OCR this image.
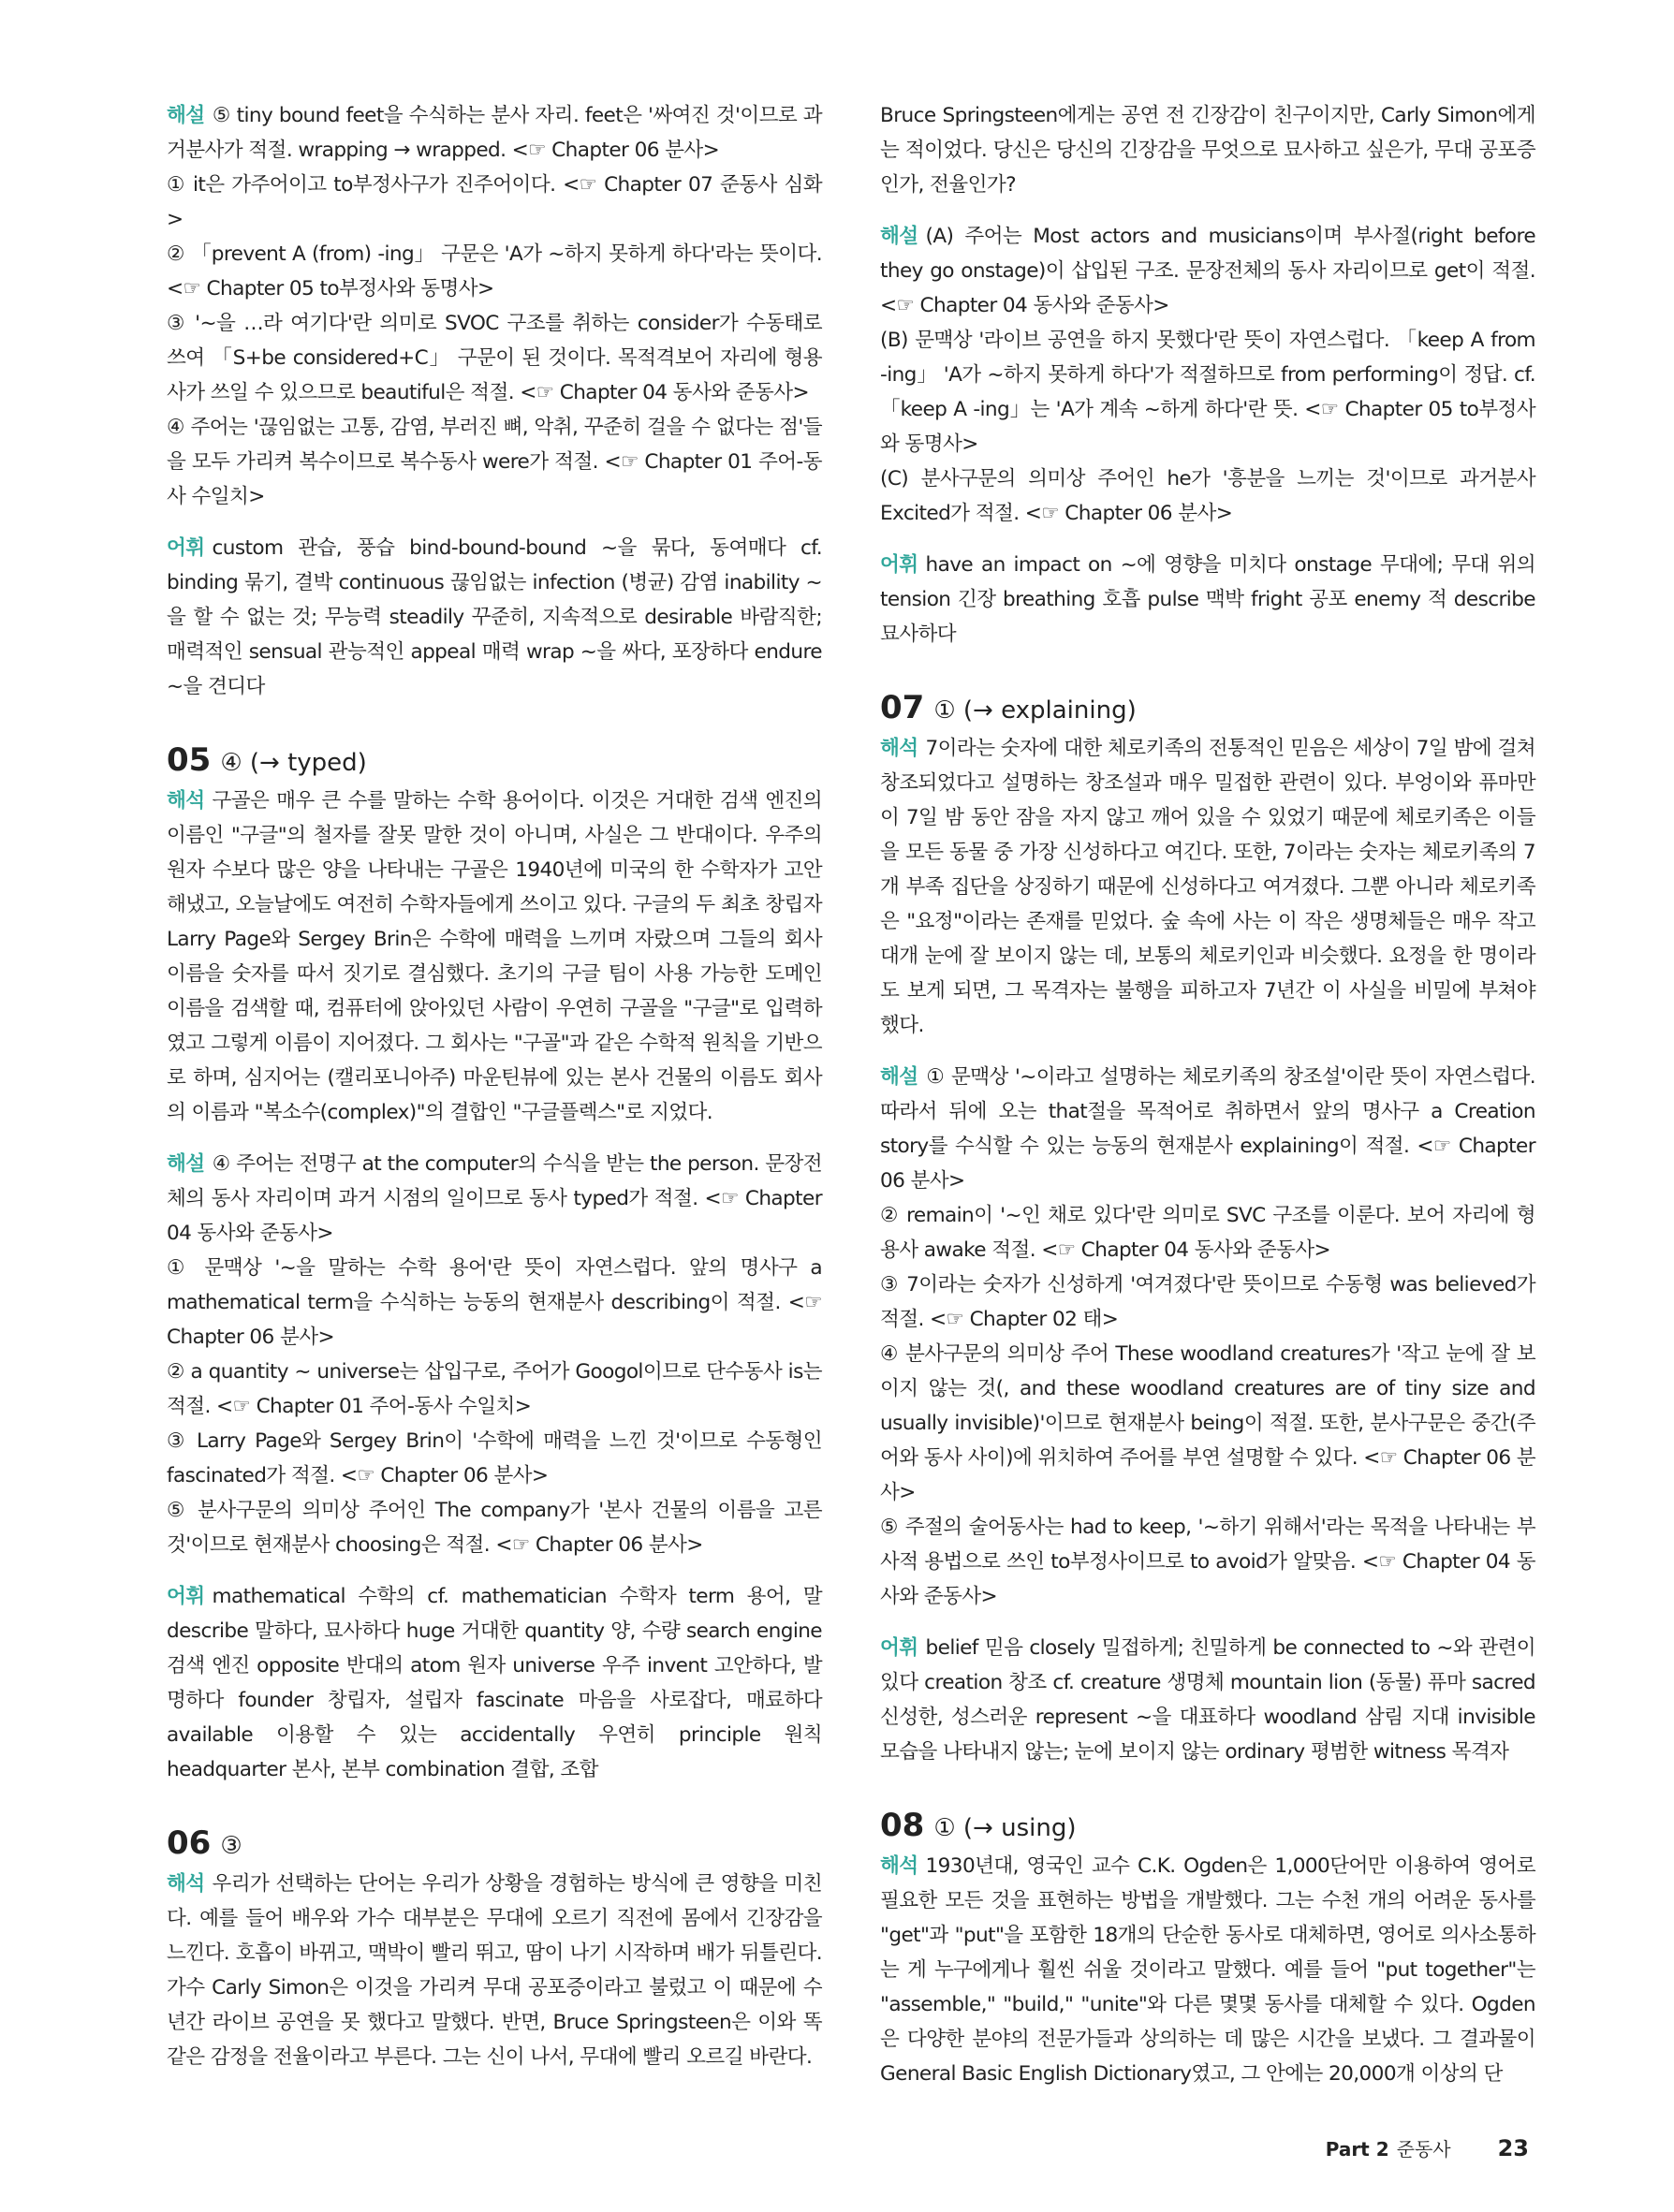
해설 ⑤ tiny bound feet을 수식하는 분사 자리. feet은 '싸여진 것'이므로 과거분사가 적절. wrapping → wrapped. <☞ Chapter 06 분사>

① it은 가주어이고 to부정사구가 진주어이다. <☞ Chapter 07 준동사 심화>

② 「prevent A (from) -ing」 구문은 'A가 ~하지 못하게 하다'라는 뜻이다. <☞ Chapter 05 to부정사와 동명사>

③ '~을 …라 여기다'란 의미로 SVOC 구조를 취하는 consider가 수동태로 쓰여 「S+be considered+C」 구문이 된 것이다. 목적격보어 자리에 형용사가 쓰일 수 있으므로 beautiful은 적절. <☞ Chapter 04 동사와 준동사>

④ 주어는 '끊임없는 고통, 감염, 부러진 뼈, 악취, 꾸준히 걸을 수 없다는 점'들을 모두 가리켜 복수이므로 복수동사 were가 적절. <☞ Chapter 01 주어-동사 수일치>

어휘 custom 관습, 풍습 bind-bound-bound ~을 묶다, 동여매다 cf. binding 묶기, 결박 continuous 끊임없는 infection (병균) 감염 inability ~을 할 수 없는 것; 무능력 steadily 꾸준히, 지속적으로 desirable 바람직한; 매력적인 sensual 관능적인 appeal 매력 wrap ~을 싸다, 포장하다 endure ~을 견디다

05 ④ (→ typed)

해석 구골은 매우 큰 수를 말하는 수학 용어이다. 이것은 거대한 검색 엔진의 이름인 "구글"의 철자를 잘못 말한 것이 아니며, 사실은 그 반대이다. 우주의 원자 수보다 많은 양을 나타내는 구골은 1940년에 미국의 한 수학자가 고안해냈고, 오늘날에도 여전히 수학자들에게 쓰이고 있다. 구글의 두 최초 창립자 Larry Page와 Sergey Brin은 수학에 매력을 느끼며 자랐으며 그들의 회사 이름을 숫자를 따서 짓기로 결심했다. 초기의 구글 팀이 사용 가능한 도메인 이름을 검색할 때, 컴퓨터에 앉아있던 사람이 우연히 구골을 "구글"로 입력하였고 그렇게 이름이 지어졌다. 그 회사는 "구골"과 같은 수학적 원칙을 기반으로 하며, 심지어는 (캘리포니아주) 마운틴뷰에 있는 본사 건물의 이름도 회사의 이름과 "복소수(complex)"의 결합인 "구글플렉스"로 지었다.

해설 ④ 주어는 전명구 at the computer의 수식을 받는 the person. 문장전체의 동사 자리이며 과거 시점의 일이므로 동사 typed가 적절. <☞ Chapter 04 동사와 준동사>

① 문맥상 '~을 말하는 수학 용어'란 뜻이 자연스럽다. 앞의 명사구 a mathematical term을 수식하는 능동의 현재분사 describing이 적절. <☞ Chapter 06 분사>

② a quantity ~ universe는 삽입구로, 주어가 Googol이므로 단수동사 is는 적절. <☞ Chapter 01 주어-동사 수일치>

③ Larry Page와 Sergey Brin이 '수학에 매력을 느낀 것'이므로 수동형인 fascinated가 적절. <☞ Chapter 06 분사>

⑤ 분사구문의 의미상 주어인 The company가 '본사 건물의 이름을 고른 것'이므로 현재분사 choosing은 적절. <☞ Chapter 06 분사>

어휘 mathematical 수학의 cf. mathematician 수학자 term 용어, 말 describe 말하다, 묘사하다 huge 거대한 quantity 양, 수량 search engine 검색 엔진 opposite 반대의 atom 원자 universe 우주 invent 고안하다, 발명하다 founder 창립자, 설립자 fascinate 마음을 사로잡다, 매료하다 available 이용할 수 있는 accidentally 우연히 principle 원칙 headquarter 본사, 본부 combination 결합, 조합

06 ③

해석 우리가 선택하는 단어는 우리가 상황을 경험하는 방식에 큰 영향을 미친다. 예를 들어 배우와 가수 대부분은 무대에 오르기 직전에 몸에서 긴장감을 느낀다. 호흡이 바뀌고, 맥박이 빨리 뛰고, 땀이 나기 시작하며 배가 뒤틀린다. 가수 Carly Simon은 이것을 가리켜 무대 공포증이라고 불렀고 이 때문에 수년간 라이브 공연을 못 했다고 말했다. 반면, Bruce Springsteen은 이와 똑같은 감정을 전율이라고 부른다. 그는 신이 나서, 무대에 빨리 오르길 바란다.

Bruce Springsteen에게는 공연 전 긴장감이 친구이지만, Carly Simon에게는 적이었다. 당신은 당신의 긴장감을 무엇으로 묘사하고 싶은가, 무대 공포증인가, 전율인가?

해설 (A) 주어는 Most actors and musicians이며 부사절(right before they go onstage)이 삽입된 구조. 문장전체의 동사 자리이므로 get이 적절. <☞ Chapter 04 동사와 준동사>

(B) 문맥상 '라이브 공연을 하지 못했다'란 뜻이 자연스럽다. 「keep A from -ing」 'A가 ~하지 못하게 하다'가 적절하므로 from performing이 정답. cf. 「keep A -ing」는 'A가 계속 ~하게 하다'란 뜻. <☞ Chapter 05 to부정사와 동명사>

(C) 분사구문의 의미상 주어인 he가 '흥분을 느끼는 것'이므로 과거분사 Excited가 적절. <☞ Chapter 06 분사>

어휘 have an impact on ~에 영향을 미치다 onstage 무대에; 무대 위의 tension 긴장 breathing 호흡 pulse 맥박 fright 공포 enemy 적 describe 묘사하다

07 ① (→ explaining)

해석 7이라는 숫자에 대한 체로키족의 전통적인 믿음은 세상이 7일 밤에 걸쳐 창조되었다고 설명하는 창조설과 매우 밀접한 관련이 있다. 부엉이와 퓨마만이 7일 밤 동안 잠을 자지 않고 깨어 있을 수 있었기 때문에 체로키족은 이들을 모든 동물 중 가장 신성하다고 여긴다. 또한, 7이라는 숫자는 체로키족의 7개 부족 집단을 상징하기 때문에 신성하다고 여겨졌다. 그뿐 아니라 체로키족은 "요정"이라는 존재를 믿었다. 숲 속에 사는 이 작은 생명체들은 매우 작고 대개 눈에 잘 보이지 않는 데, 보통의 체로키인과 비슷했다. 요정을 한 명이라도 보게 되면, 그 목격자는 불행을 피하고자 7년간 이 사실을 비밀에 부쳐야 했다.

해설 ① 문맥상 '~이라고 설명하는 체로키족의 창조설'이란 뜻이 자연스럽다. 따라서 뒤에 오는 that절을 목적어로 취하면서 앞의 명사구 a Creation story를 수식할 수 있는 능동의 현재분사 explaining이 적절. <☞ Chapter 06 분사>

② remain이 '~인 채로 있다'란 의미로 SVC 구조를 이룬다. 보어 자리에 형용사 awake 적절. <☞ Chapter 04 동사와 준동사>

③ 7이라는 숫자가 신성하게 '여겨졌다'란 뜻이므로 수동형 was believed가 적절. <☞ Chapter 02 태>

④ 분사구문의 의미상 주어 These woodland creatures가 '작고 눈에 잘 보이지 않는 것(, and these woodland creatures are of tiny size and usually invisible)'이므로 현재분사 being이 적절. 또한, 분사구문은 중간(주어와 동사 사이)에 위치하여 주어를 부연 설명할 수 있다. <☞ Chapter 06 분사>

⑤ 주절의 술어동사는 had to keep, '~하기 위해서'라는 목적을 나타내는 부사적 용법으로 쓰인 to부정사이므로 to avoid가 알맞음. <☞ Chapter 04 동사와 준동사>

어휘 belief 믿음 closely 밀접하게; 친밀하게 be connected to ~와 관련이 있다 creation 창조 cf. creature 생명체 mountain lion (동물) 퓨마 sacred 신성한, 성스러운 represent ~을 대표하다 woodland 삼림 지대 invisible 모습을 나타내지 않는; 눈에 보이지 않는 ordinary 평범한 witness 목격자

08 ① (→ using)

해석 1930년대, 영국인 교수 C.K. Ogden은 1,000단어만 이용하여 영어로 필요한 모든 것을 표현하는 방법을 개발했다. 그는 수천 개의 어려운 동사를 "get"과 "put"을 포함한 18개의 단순한 동사로 대체하면, 영어로 의사소통하는 게 누구에게나 훨씬 쉬울 것이라고 말했다. 예를 들어 "put together"는 "assemble," "build," "unite"와 다른 몇몇 동사를 대체할 수 있다. Ogden은 다양한 분야의 전문가들과 상의하는 데 많은 시간을 보냈다. 그 결과물이 General Basic English Dictionary였고, 그 안에는 20,000개 이상의 단

Part 2 준동사 23
